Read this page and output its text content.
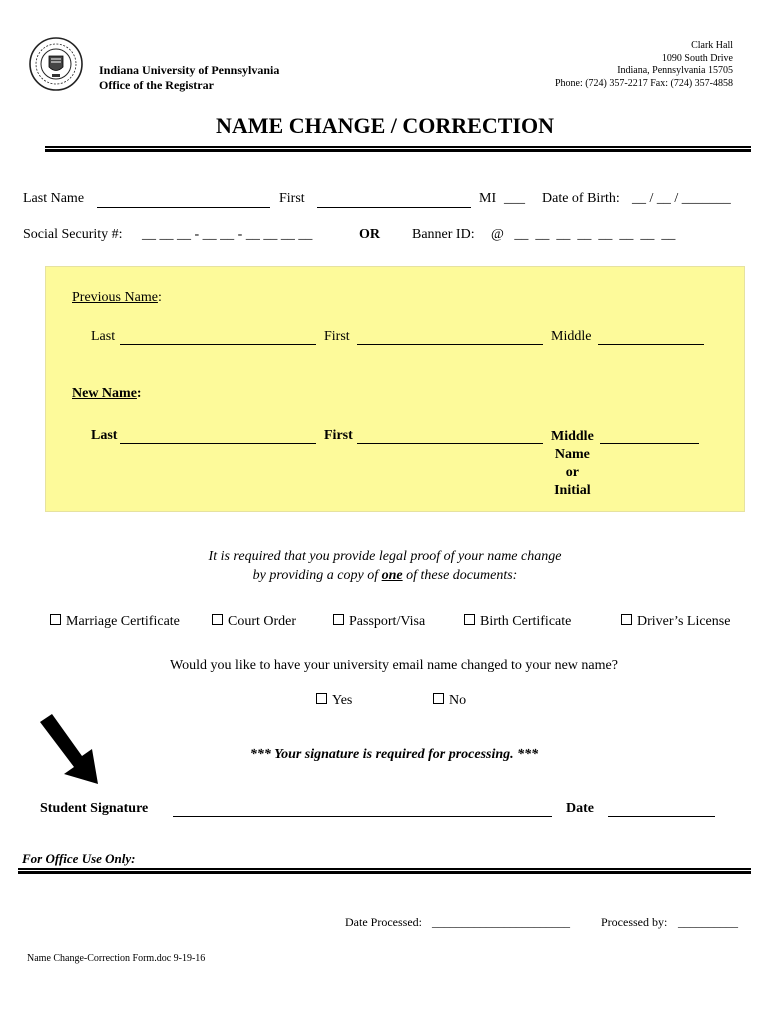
Indiana University of Pennsylvania
Office of the Registrar
Clark Hall
1090 South Drive
Indiana, Pennsylvania 15705
Phone: (724) 357-2217 Fax: (724) 357-4858
NAME CHANGE / CORRECTION
Last Name	First	MI ___ Date of Birth: __ / __ / _______
Social Security #: __ __ __ - __ __ - __ __ __ __	OR Banner ID: @   __  __  __  __  __  __  __  __
Previous Name:
Last	First	Middle
New Name:
Last	First	Middle
Name
or
Initial
It is required that you provide legal proof of your name change
by providing a copy of one of these documents:
Marriage Certificate	Court Order	Passport/Visa	Birth Certificate	Driver’s License
Would you like to have your university email name changed to your new name?
Yes	No
*** Your signature is required for processing. ***
Student Signature	Date
For Office Use Only:
Date Processed: _______________________	Processed by: __________
Name Change-Correction Form.doc 9-19-16
